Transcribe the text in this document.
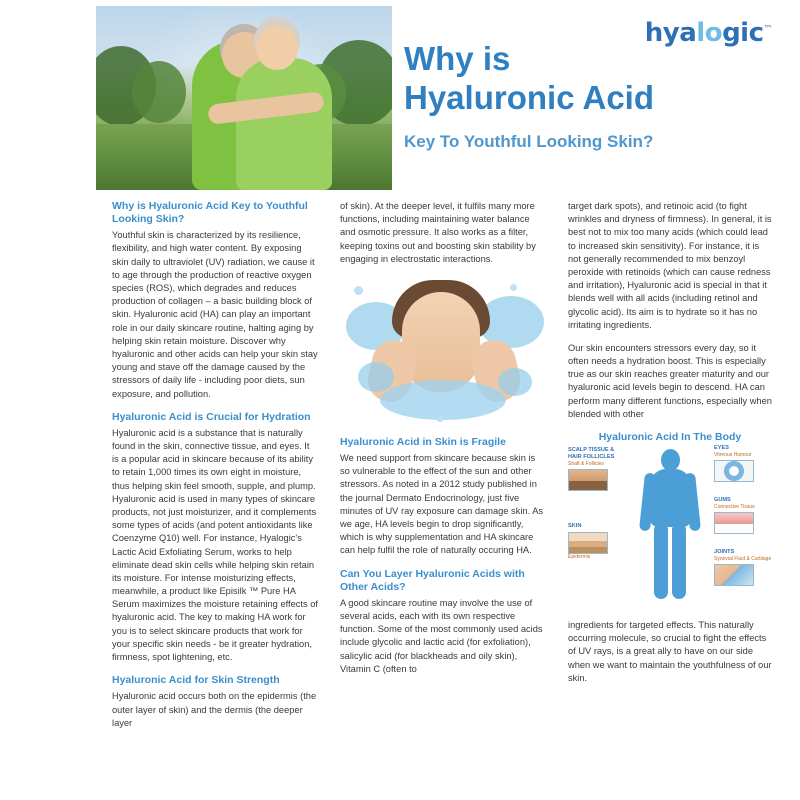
hyalogic™
Why is
Hyaluronic Acid
Key To Youthful Looking Skin?
Why is Hyaluronic Acid Key to Youthful Looking Skin?

Youthful skin is characterized by its resilience, flexibility, and high water content. By exposing skin daily to ultraviolet (UV) radiation, we cause it to age through the production of reactive oxygen species (ROS), which degrades and reduces production of collagen – a basic building block of skin. Hyaluronic acid (HA) can play an important role in our daily skincare routine, halting aging by helping skin retain moisture. Discover why hyaluronic and other acids can help your skin stay young and stave off the damage caused by the stressors of daily life - including poor diets, sun exposure, and pollution.

Hyaluronic Acid is Crucial for Hydration

Hyaluronic acid is a substance that is naturally found in the skin, connective tissue, and eyes. It is a popular acid in skincare because of its ability to retain 1,000 times its own eight in moisture, thus helping skin feel smooth, supple, and plump. Hyaluronic acid is used in many types of skincare products, not just moisturizer, and it complements some types of acids (and potent antioxidants like Coenzyme Q10) well. For instance, Hyalogic's Lactic Acid Exfoliating Serum, works to help eliminate dead skin cells while helping skin retain its moisture. For intense moisturizing effects, meanwhile, a product like Episilk ™ Pure HA Serum maximizes the moisture retaining effects of hyaluronic acid. The key to making HA work for you is to select skincare products that work for your specific skin needs - be it greater hydration, firmness, spot lightening, etc.

Hyaluronic Acid for Skin Strength

Hyaluronic acid occurs both on the epidermis (the outer layer of skin) and the dermis (the deeper layer

of skin). At the deeper level, it fulfils many more functions, including maintaining water balance and osmotic pressure. It also works as a filter, keeping toxins out and boosting skin stability by engaging in electrostatic interactions.

Hyaluronic Acid in Skin is Fragile

We need support from skincare because skin is so vulnerable to the effect of the sun and other stressors. As noted in a 2012 study published in the journal Dermato Endocrinology, just five minutes of UV ray exposure can damage skin. As we age, HA levels begin to drop significantly, which is why supplementation and HA skincare can help fulfil the role of naturally occuring HA.

Can You Layer Hyaluronic Acids with Other Acids?

A good skincare routine may involve the use of several acids, each with its own respective function. Some of the most commonly used acids include glycolic and lactic acid (for exfoliation), salicylic acid (for blackheads and oily skin), Vitamin C (often to

target dark spots), and retinoic acid (to fight wrinkles and dryness of firmness). In general, it is best not to mix too many acids (which could lead to increased skin sensitivity). For instance, it is not generally recommended to mix benzoyl peroxide with retinoids (which can cause redness and irritation), Hyaluronic acid is special in that it blends well with all acids (including retinol and glycolic acid). Its aim is to hydrate so it has no irritating ingredients.

Our skin encounters stressors every day, so it often needs a hydration boost. This is especially true as our skin reaches greater maturity and our hyaluronic acid levels begin to descend. HA can perform many different functions, especially when blended with other

Hyaluronic Acid In The Body
SCALP TISSUE &
HAIR FOLLICLES
Shaft & Follicles
EYES
Vitreous Humour
GUMS
Connective Tissue
SKIN
Epidermis
JOINTS
Synovial Fluid & Cartilage

ingredients for targeted effects. This naturally occurring molecule, so crucial to fight the effects of UV rays, is a great ally to have on our side when we want to maintain the youthfulness of our skin.
